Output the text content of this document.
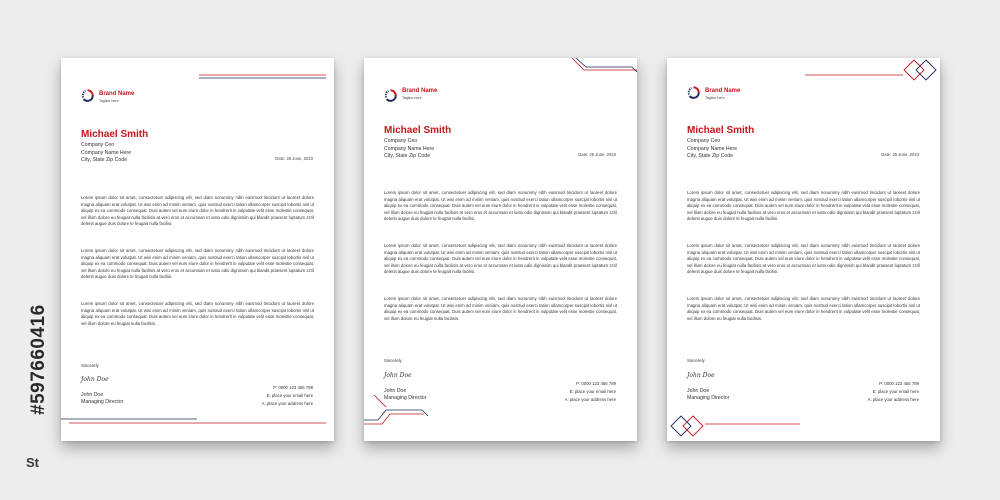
#597660416
St
Brand Name
Tagline here
Michael Smith
Company Ceo
Company Name Here
City, State Zip Code	Date: 25 June, 2023
Lorem ipsum dolor sit amet, consectetuer adipiscing elit, sed diam nonummy nibh euismod tincidunt ut laoreet dolore magna aliquam erat volutpat. Ut wisi enim ad minim veniam, quis nostrud exerci tation ullamcorper suscipit lobortis nisl ut aliquip ex ea commodo consequat. Duis autem vel eum iriure dolor in hendrerit in vulputate velit esse molestie consequat, vel illum dolore eu feugiat nulla facilisis at vero eros et accumsan et iusto odio dignissim qui blandit praesent luptatum zzril delenit augue duis dolore te feugait nulla facilisi.
Lorem ipsum dolor sit amet, consectetuer adipiscing elit, sed diam nonummy nibh euismod tincidunt ut laoreet dolore magna aliquam erat volutpat. Ut wisi enim ad minim veniam, quis nostrud exerci tation ullamcorper suscipit lobortis nisl ut aliquip ex ea commodo consequat. Duis autem vel eum iriure dolor in hendrerit in vulputate velit esse molestie consequat, vel illum dolore eu feugiat nulla facilisis at vero eros et accumsan et iusto odio dignissim qui blandit praesent luptatum zzril delenit augue duis dolore te feugait nulla facilisi.
Lorem ipsum dolor sit amet, consectetuer adipiscing elit, sed diam nonummy nibh euismod tincidunt ut laoreet dolore magna aliquam erat volutpat. Ut wisi enim ad minim veniam, quis nostrud exerci tation ullamcorper suscipit lobortis nisl ut aliquip ex ea commodo consequat. Duis autem vel eum iriure dolor in hendrerit in vulputate velit esse molestie consequat, vel illum dolore eu feugiat nulla facilisis.
Sincerely
John Doe
John Doe
Managing Director
P: 0000 123 456 789
E: place your email here
A: place your address here
Brand Name
Tagline here
Michael Smith
Company Ceo
Company Name Here
City, State Zip Code	Date: 25 June, 2023
Lorem ipsum dolor sit amet, consectetuer adipiscing elit, sed diam nonummy nibh euismod tincidunt ut laoreet dolore magna aliquam erat volutpat. Ut wisi enim ad minim veniam, quis nostrud exerci tation ullamcorper suscipit lobortis nisl ut aliquip ex ea commodo consequat. Duis autem vel eum iriure dolor in hendrerit in vulputate velit esse molestie consequat, vel illum dolore eu feugiat nulla facilisis at vero eros et accumsan et iusto odio dignissim qui blandit praesent luptatum zzril delenit augue duis dolore te feugait nulla facilisi.
Lorem ipsum dolor sit amet, consectetuer adipiscing elit, sed diam nonummy nibh euismod tincidunt ut laoreet dolore magna aliquam erat volutpat. Ut wisi enim ad minim veniam, quis nostrud exerci tation ullamcorper suscipit lobortis nisl ut aliquip ex ea commodo consequat. Duis autem vel eum iriure dolor in hendrerit in vulputate velit esse molestie consequat, vel illum dolore eu feugiat nulla facilisis at vero eros et accumsan et iusto odio dignissim qui blandit praesent luptatum zzril delenit augue duis dolore te feugait nulla facilisi.
Lorem ipsum dolor sit amet, consectetuer adipiscing elit, sed diam nonummy nibh euismod tincidunt ut laoreet dolore magna aliquam erat volutpat. Ut wisi enim ad minim veniam, quis nostrud exerci tation ullamcorper suscipit lobortis nisl ut aliquip ex ea commodo consequat. Duis autem vel eum iriure dolor in hendrerit in vulputate velit esse molestie consequat, vel illum dolore eu feugiat nulla facilisis.
Sincerely
John Doe
John Doe
Managing Director
P: 0000 123 456 789
E: place your email here
A: place your address here
Brand Name
Tagline here
Michael Smith
Company Ceo
Company Name Here
City, State Zip Code	Date: 25 June, 2023
Lorem ipsum dolor sit amet, consectetuer adipiscing elit, sed diam nonummy nibh euismod tincidunt ut laoreet dolore magna aliquam erat volutpat. Ut wisi enim ad minim veniam, quis nostrud exerci tation ullamcorper suscipit lobortis nisl ut aliquip ex ea commodo consequat. Duis autem vel eum iriure dolor in hendrerit in vulputate velit esse molestie consequat, vel illum dolore eu feugiat nulla facilisis at vero eros et accumsan et iusto odio dignissim qui blandit praesent luptatum zzril delenit augue duis dolore te feugait nulla facilisi.
Lorem ipsum dolor sit amet, consectetuer adipiscing elit, sed diam nonummy nibh euismod tincidunt ut laoreet dolore magna aliquam erat volutpat. Ut wisi enim ad minim veniam, quis nostrud exerci tation ullamcorper suscipit lobortis nisl ut aliquip ex ea commodo consequat. Duis autem vel eum iriure dolor in hendrerit in vulputate velit esse molestie consequat, vel illum dolore eu feugiat nulla facilisis at vero eros et accumsan et iusto odio dignissim qui blandit praesent luptatum zzril delenit augue duis dolore te feugait nulla facilisi.
Lorem ipsum dolor sit amet, consectetuer adipiscing elit, sed diam nonummy nibh euismod tincidunt ut laoreet dolore magna aliquam erat volutpat. Ut wisi enim ad minim veniam, quis nostrud exerci tation ullamcorper suscipit lobortis nisl ut aliquip ex ea commodo consequat. Duis autem vel eum iriure dolor in hendrerit in vulputate velit esse molestie consequat, vel illum dolore eu feugiat nulla facilisis.
Sincerely
John Doe
John Doe
Managing Director
P: 0000 123 456 789
E: place your email here
A: place your address here
